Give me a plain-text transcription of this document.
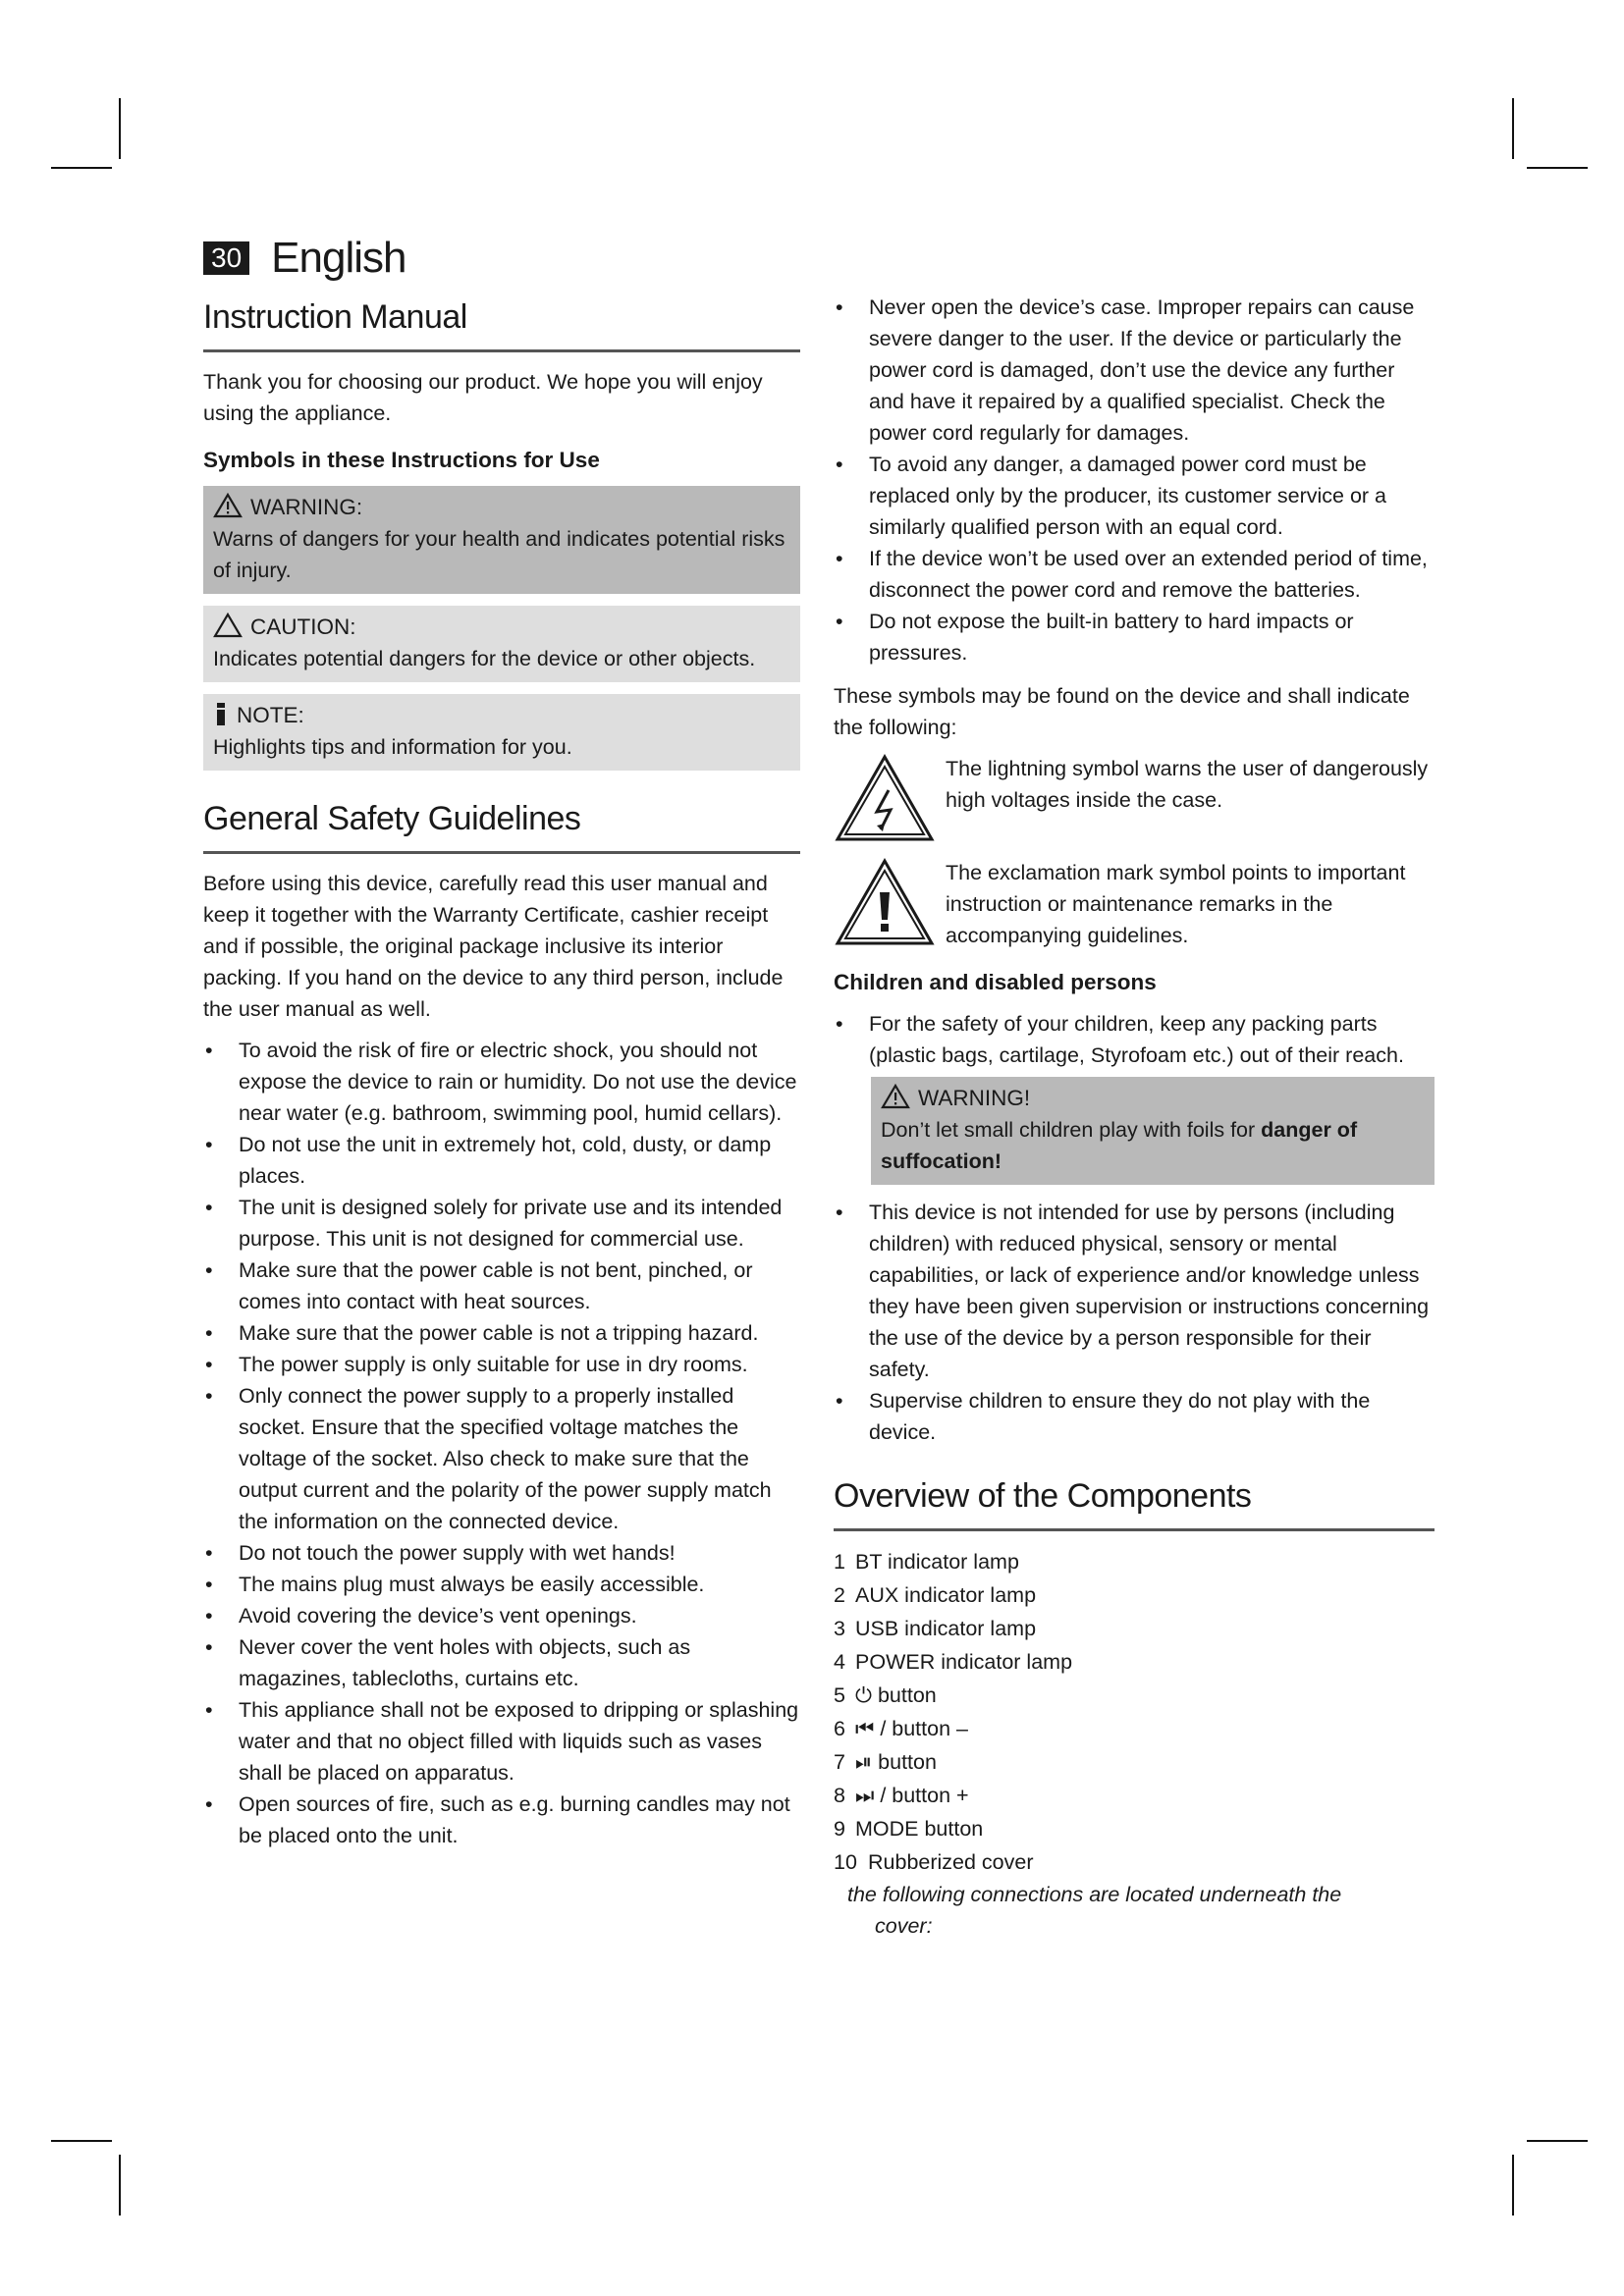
30 English
Instruction Manual

Thank you for choosing our product. We hope you will enjoy using the appliance.

Symbols in these Instructions for Use
WARNING:
Warns of dangers for your health and indicates potential risks of injury.
CAUTION:
Indicates potential dangers for the device or other objects.
NOTE:
Highlights tips and information for you.
General Safety Guidelines

Before using this device, carefully read this user manual and keep it together with the Warranty Certificate, cashier receipt and if possible, the original package inclusive its interior packing. If you hand on the device to any third person, include the user manual as well.

• To avoid the risk of fire or electric shock, you should not expose the device to rain or humidity. Do not use the device near water (e.g. bathroom, swimming pool, humid cellars).
• Do not use the unit in extremely hot, cold, dusty, or damp places.
• The unit is designed solely for private use and its intended purpose. This unit is not designed for commercial use.
• Make sure that the power cable is not bent, pinched, or comes into contact with heat sources.
• Make sure that the power cable is not a tripping hazard.
• The power supply is only suitable for use in dry rooms.
• Only connect the power supply to a properly installed socket. Ensure that the specified voltage matches the voltage of the socket. Also check to make sure that the output current and the polarity of the power supply match the information on the connected device.
• Do not touch the power supply with wet hands!
• The mains plug must always be easily accessible.
• Avoid covering the device’s vent openings.
• Never cover the vent holes with objects, such as magazines, tablecloths, curtains etc.
• This appliance shall not be exposed to dripping or splashing water and that no object filled with liquids such as vases shall be placed on apparatus.
• Open sources of fire, such as e.g. burning candles may not be placed onto the unit.
• Never open the device’s case. Improper repairs can cause severe danger to the user. If the device or particularly the power cord is damaged, don’t use the device any further and have it repaired by a qualified specialist. Check the power cord regularly for damages.
• To avoid any danger, a damaged power cord must be replaced only by the producer, its customer service or a similarly qualified person with an equal cord.
• If the device won’t be used over an extended period of time, disconnect the power cord and remove the batteries.
• Do not expose the built-in battery to hard impacts or pressures.

These symbols may be found on the device and shall indicate the following:

The lightning symbol warns the user of dangerously high voltages inside the case.
The exclamation mark symbol points to important instruction or maintenance remarks in the accompanying guidelines.
Children and disabled persons
• For the safety of your children, keep any packing parts (plastic bags, cartilage, Styrofoam etc.) out of their reach.
WARNING!
Don’t let small children play with foils for danger of suffocation!
• This device is not intended for use by persons (including children) with reduced physical, sensory or mental capabilities, or lack of experience and/or knowledge unless they have been given supervision or instructions concerning the use of the device by a person responsible for their safety.
• Supervise children to ensure they do not play with the device.
Overview of the Components
1 BT indicator lamp
2 AUX indicator lamp
3 USB indicator lamp
4 POWER indicator lamp
5 ⏻ button
6 ⏮ / button –
7 ⏯ button
8 ⏭ / button +
9 MODE button
10 Rubberized cover
the following connections are located underneath the
cover:
